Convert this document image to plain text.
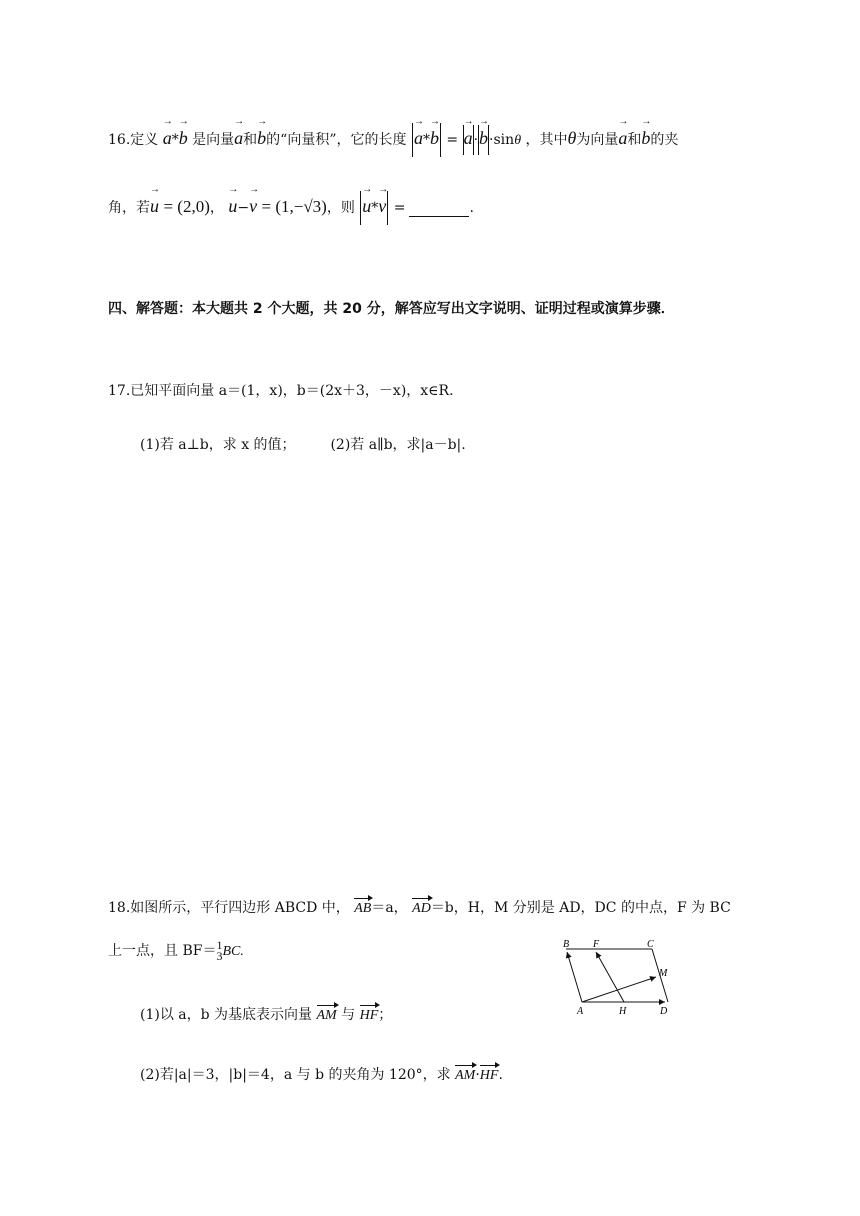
16.定义 → a*→ b 是向量→ a和→ b的“向量积”，它的长度 → a*→ b = → a·→ b·sinθ ，其中θ为向量→ a和→ b的夹
角，若→ u = (2,0)， → u−→ v = (1,−√3)，则 → u*→ v =	.
四、解答题：本大题共 2 个大题，共 20 分，解答应写出文字说明、证明过程或演算步骤．
17.已知平面向量 a＝(1，x)，b＝(2x＋3，－x)，x∈R.
(1)若 a⊥b，求 x 的值； (2)若 a∥b，求|a－b|.
18.如图所示，平行四边形 ABCD 中， AB＝a， AD＝b，H，M 分别是 AD，DC 的中点，F 为 BC
上一点，且 BF＝1
3BC.
(1)以 a，b 为基底表示向量 AM 与 HF；
(2)若|a|＝3，|b|＝4，a 与 b 的夹角为 120°，求 AM·HF.
B F	C
M
A	H	D
